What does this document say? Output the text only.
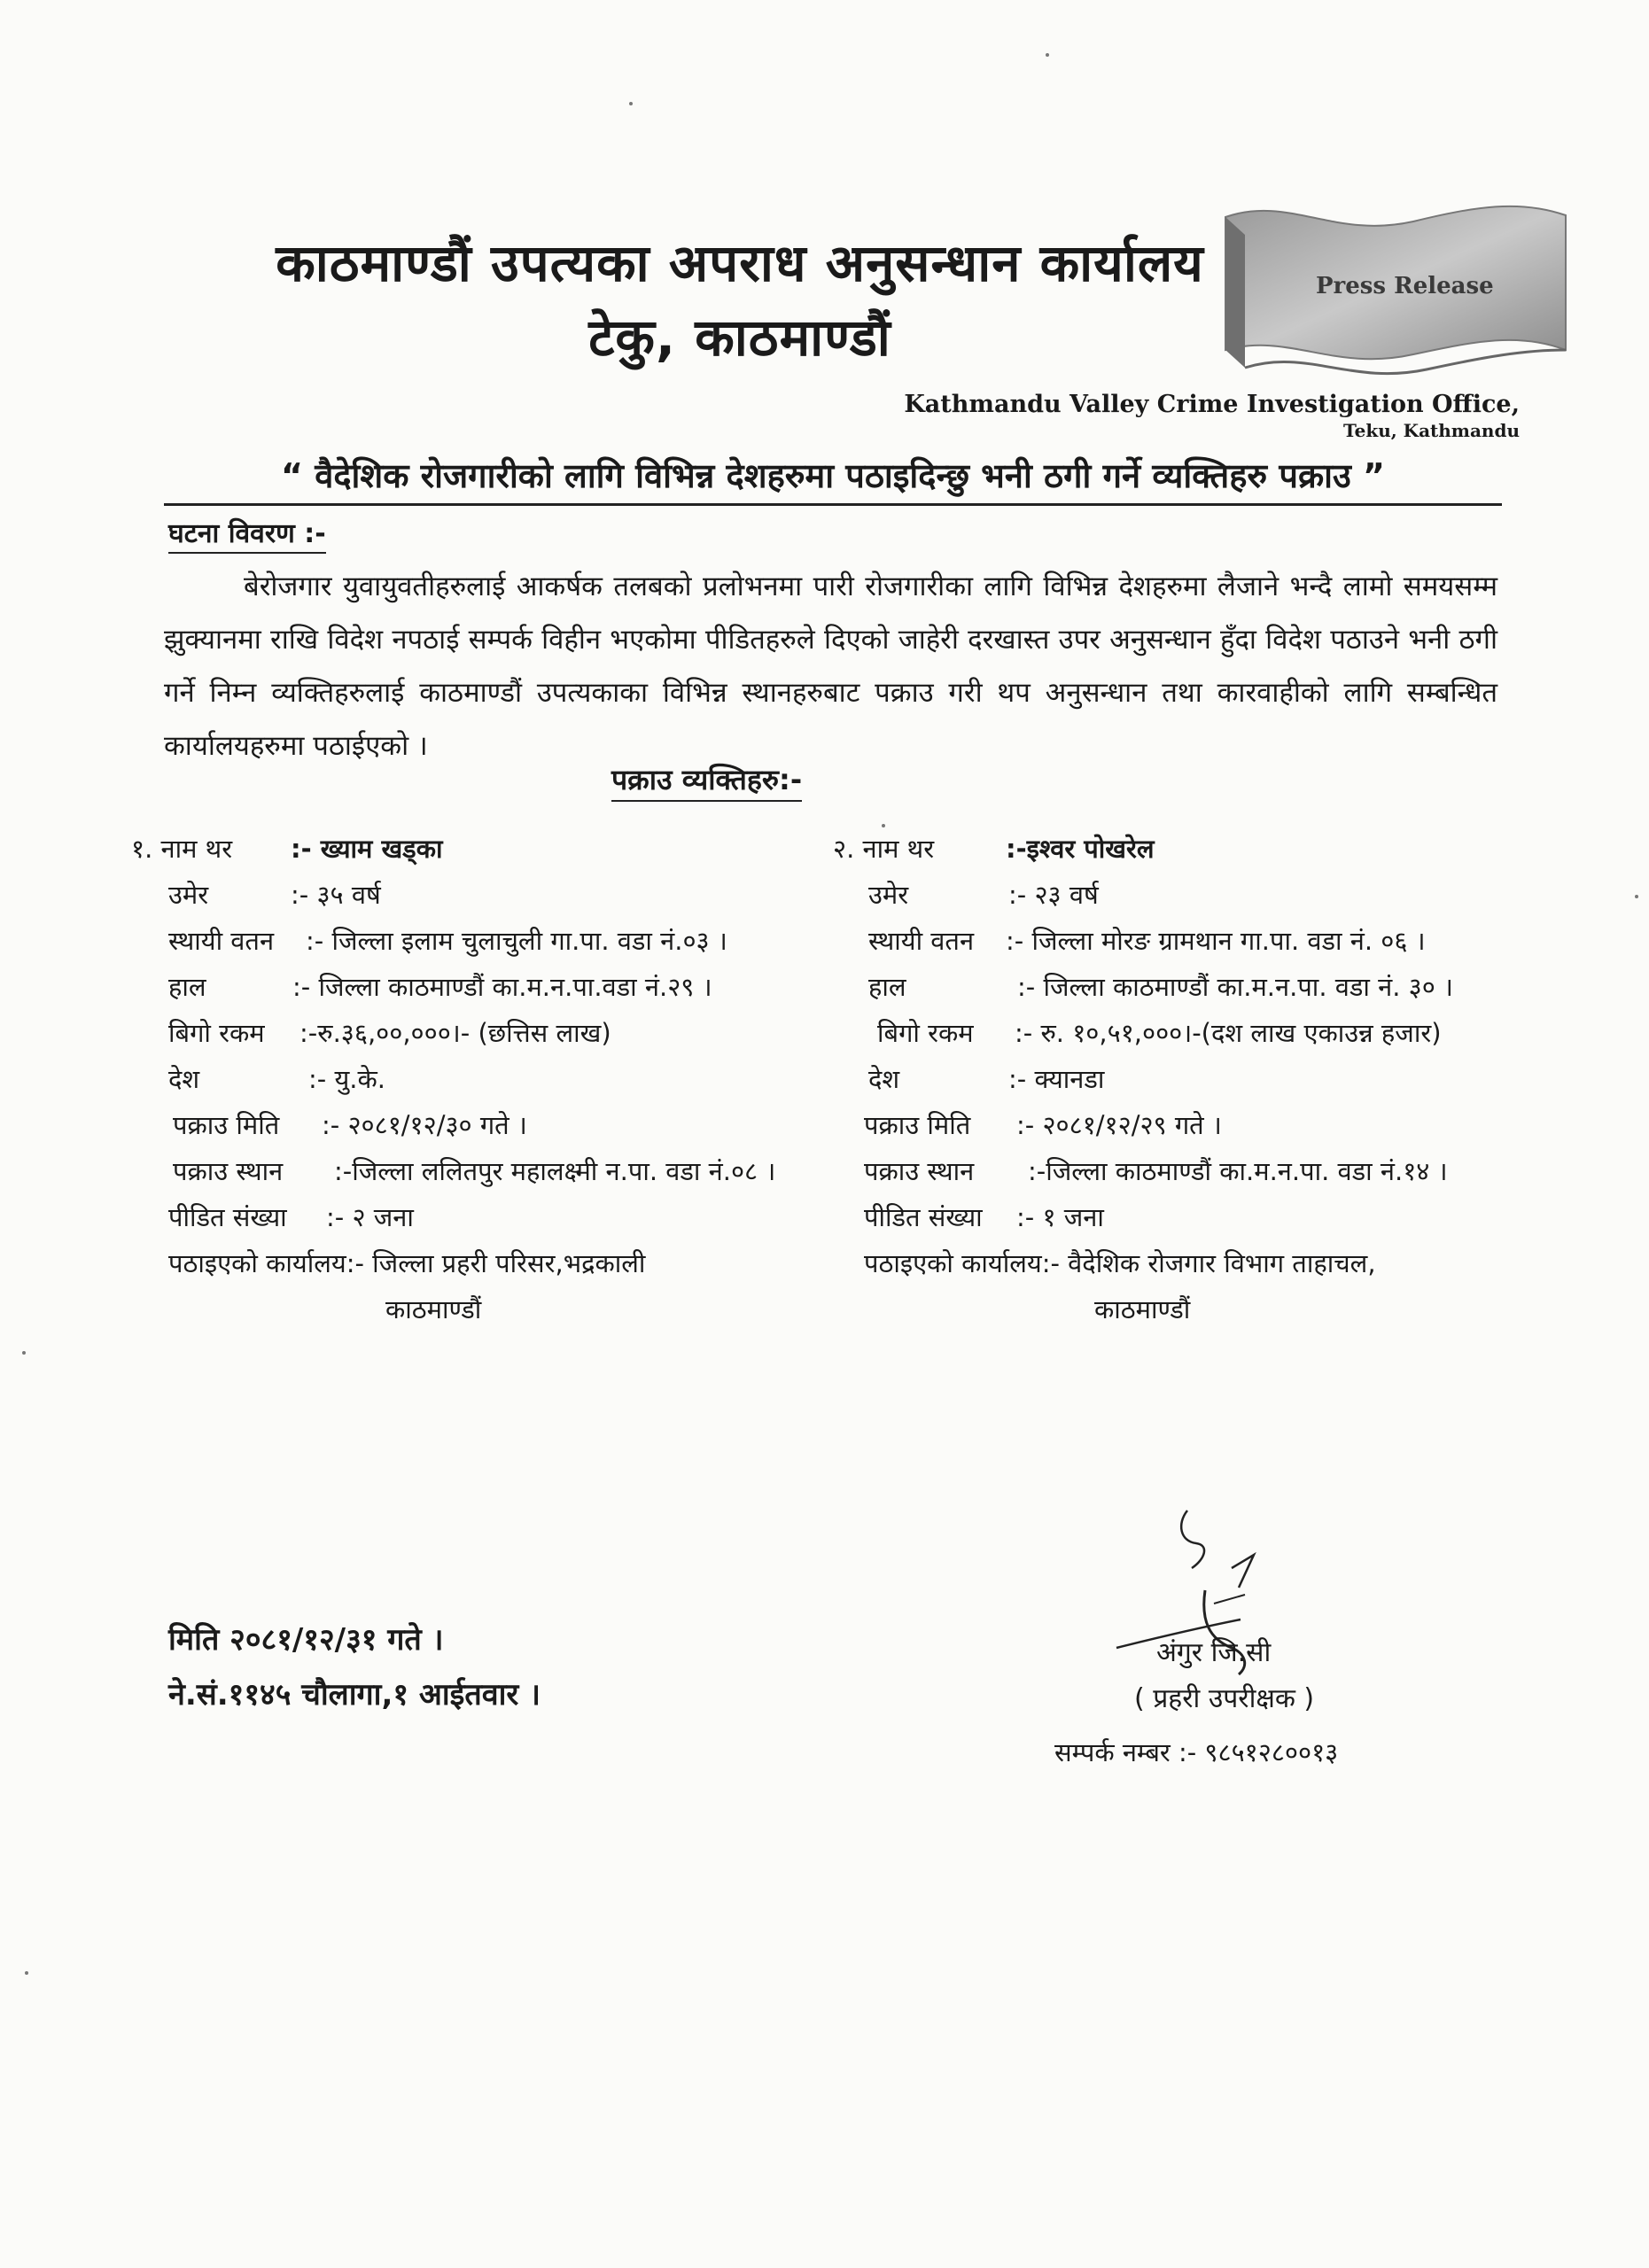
काठमाण्डौं उपत्यका अपराध अनुसन्धान कार्यालय
टेकु, काठमाण्डौं
Press Release
Kathmandu Valley Crime Investigation Office,
Teku, Kathmandu
“ वैदेशिक रोजगारीको लागि विभिन्न देशहरुमा पठाइदिन्छु भनी ठगी गर्ने व्यक्तिहरु पक्राउ ”
घटना विवरण :-
बेरोजगार युवायुवतीहरुलाई आकर्षक तलबको प्रलोभनमा पारी रोजगारीका लागि विभिन्न देशहरुमा लैजाने भन्दै लामो समयसम्म झुक्यानमा राखि विदेश नपठाई सम्पर्क विहीन भएकोमा पीडितहरुले दिएको जाहेरी दरखास्त उपर अनुसन्धान हुँदा विदेश पठाउने भनी ठगी गर्ने निम्न व्यक्तिहरुलाई काठमाण्डौं उपत्यकाका विभिन्न स्थानहरुबाट पक्राउ गरी थप अनुसन्धान तथा कारवाहीको लागि सम्बन्धित कार्यालयहरुमा पठाईएको ।
पक्राउ व्यक्तिहरु:-
१. नाम थर :- ख्याम खड्का
उमेर	:- ३५ वर्ष
स्थायी वतन :- जिल्ला इलाम चुलाचुली गा.पा. वडा नं.०३ ।
हाल	:- जिल्ला काठमाण्डौं का.म.न.पा.वडा नं.२९ ।
बिगो रकम :-रु.३६,००,०००।- (छत्तिस लाख)
देश	:- यु.के.
पक्राउ मिति :- २०८१/१२/३० गते ।
पक्राउ स्थान :-जिल्ला ललितपुर महालक्ष्मी न.पा. वडा नं.०८ ।
पीडित संख्या :- २ जना
पठाइएको कार्यालय:- जिल्ला प्रहरी परिसर,भद्रकाली
काठमाण्डौं
२. नाम थर	:-इश्वर पोखरेल
उमेर	:- २३ वर्ष
स्थायी वतन :- जिल्ला मोरङ ग्रामथान गा.पा. वडा नं. ०६ ।
हाल	:- जिल्ला काठमाण्डौं का.म.न.पा. वडा नं. ३० ।
बिगो रकम :- रु. १०,५१,०००।-(दश लाख एकाउन्न हजार)
देश	:- क्यानडा
पक्राउ मिति :- २०८१/१२/२९ गते ।
पक्राउ स्थान :-जिल्ला काठमाण्डौं का.म.न.पा. वडा नं.१४ ।
पीडित संख्या :- १ जना
पठाइएको कार्यालय:- वैदेशिक रोजगार विभाग ताहाचल,
काठमाण्डौं
मिति २०८१/१२/३१ गते ।
ने.सं.११४५ चौलागा,१ आईतवार ।
अंगुर जि.सी
( प्रहरी उपरीक्षक )
सम्पर्क नम्बर :- ९८५१२८००१३
